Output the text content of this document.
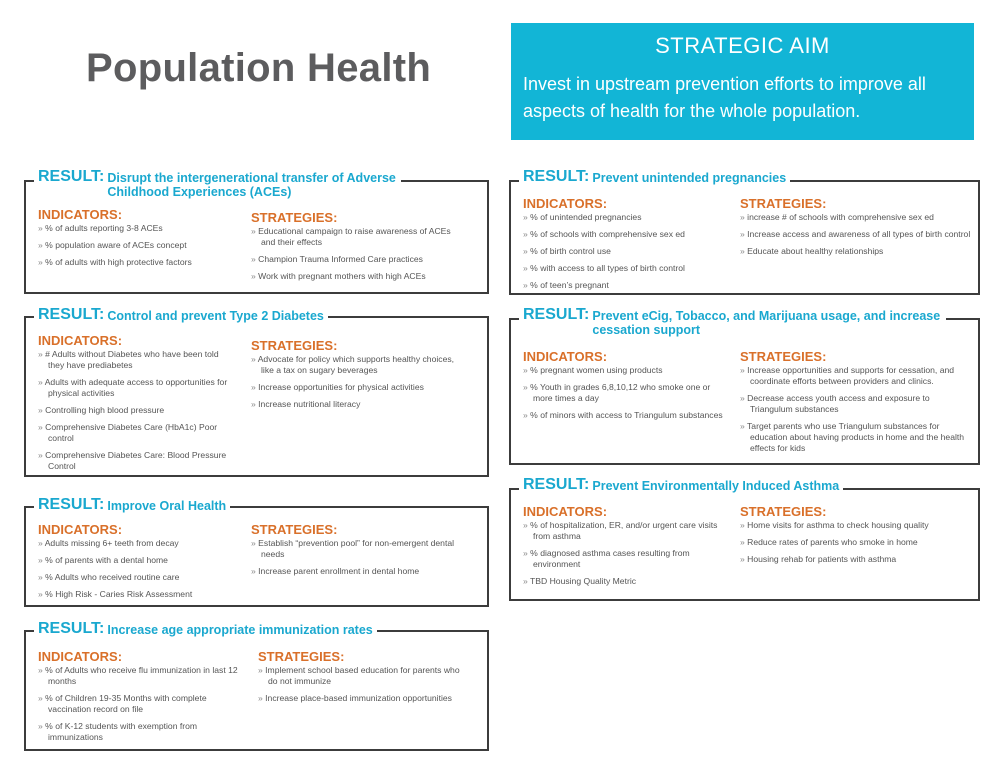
Population Health
STRATEGIC AIM
Invest in upstream prevention efforts to improve all aspects of health for the whole population.
RESULT: Disrupt the intergenerational transfer of Adverse Childhood Experiences (ACEs)
INDICATORS:
» % of adults reporting 3-8 ACEs
» % population aware of ACEs concept
» % of adults with high protective factors
STRATEGIES:
» Educational campaign to raise awareness of ACEs and their effects
» Champion Trauma Informed Care practices
» Work with pregnant mothers with high ACEs
RESULT: Control and prevent Type 2 Diabetes
INDICATORS:
» # Adults without Diabetes who have been told they have prediabetes
» Adults with adequate access to opportunities for physical activities
» Controlling high blood pressure
» Comprehensive Diabetes Care (HbA1c) Poor control
» Comprehensive Diabetes Care: Blood Pressure Control
STRATEGIES:
» Advocate for policy which supports healthy choices, like a tax on sugary beverages
» Increase opportunities for physical activities
» Increase nutritional literacy
RESULT: Improve Oral Health
INDICATORS:
» Adults missing 6+ teeth from decay
» % of parents with a dental home
» % Adults who received routine care
» % High Risk - Caries Risk Assessment
STRATEGIES:
» Establish “prevention pool” for non-emergent dental needs
» Increase parent enrollment in dental home
RESULT: Increase age appropriate immunization rates
INDICATORS:
» % of Adults who receive flu immunization in last 12 months
» % of Children 19-35 Months with complete vaccination record on file
» % of K-12 students with exemption from immunizations
STRATEGIES:
» Implement school based education for parents who do not immunize
» Increase place-based immunization opportunities
RESULT: Prevent unintended pregnancies
INDICATORS:
» % of unintended pregnancies
» % of schools with comprehensive sex ed
» % of birth control use
» % with access to all types of birth control
» % of teen’s pregnant
STRATEGIES:
» increase # of schools with comprehensive sex ed
» Increase access and awareness of all types of birth control
» Educate about healthy relationships
RESULT: Prevent eCig, Tobacco, and Marijuana usage, and increase cessation support
INDICATORS:
» % pregnant women using products
» % Youth in grades 6,8,10,12 who smoke one or more times a day
» % of minors with access to Triangulum substances
STRATEGIES:
» Increase opportunities and supports for cessation, and coordinate efforts between providers and clinics.
» Decrease access youth access and exposure to Triangulum substances
» Target parents who use Triangulum substances for education about having products in home and the health effects for kids
RESULT: Prevent Environmentally Induced Asthma
INDICATORS:
» % of hospitalization, ER, and/or urgent care visits from asthma
» % diagnosed asthma cases resulting from environment
» TBD Housing Quality Metric
STRATEGIES:
» Home visits for asthma to check housing quality
» Reduce rates of parents who smoke in home
» Housing rehab for patients with asthma
